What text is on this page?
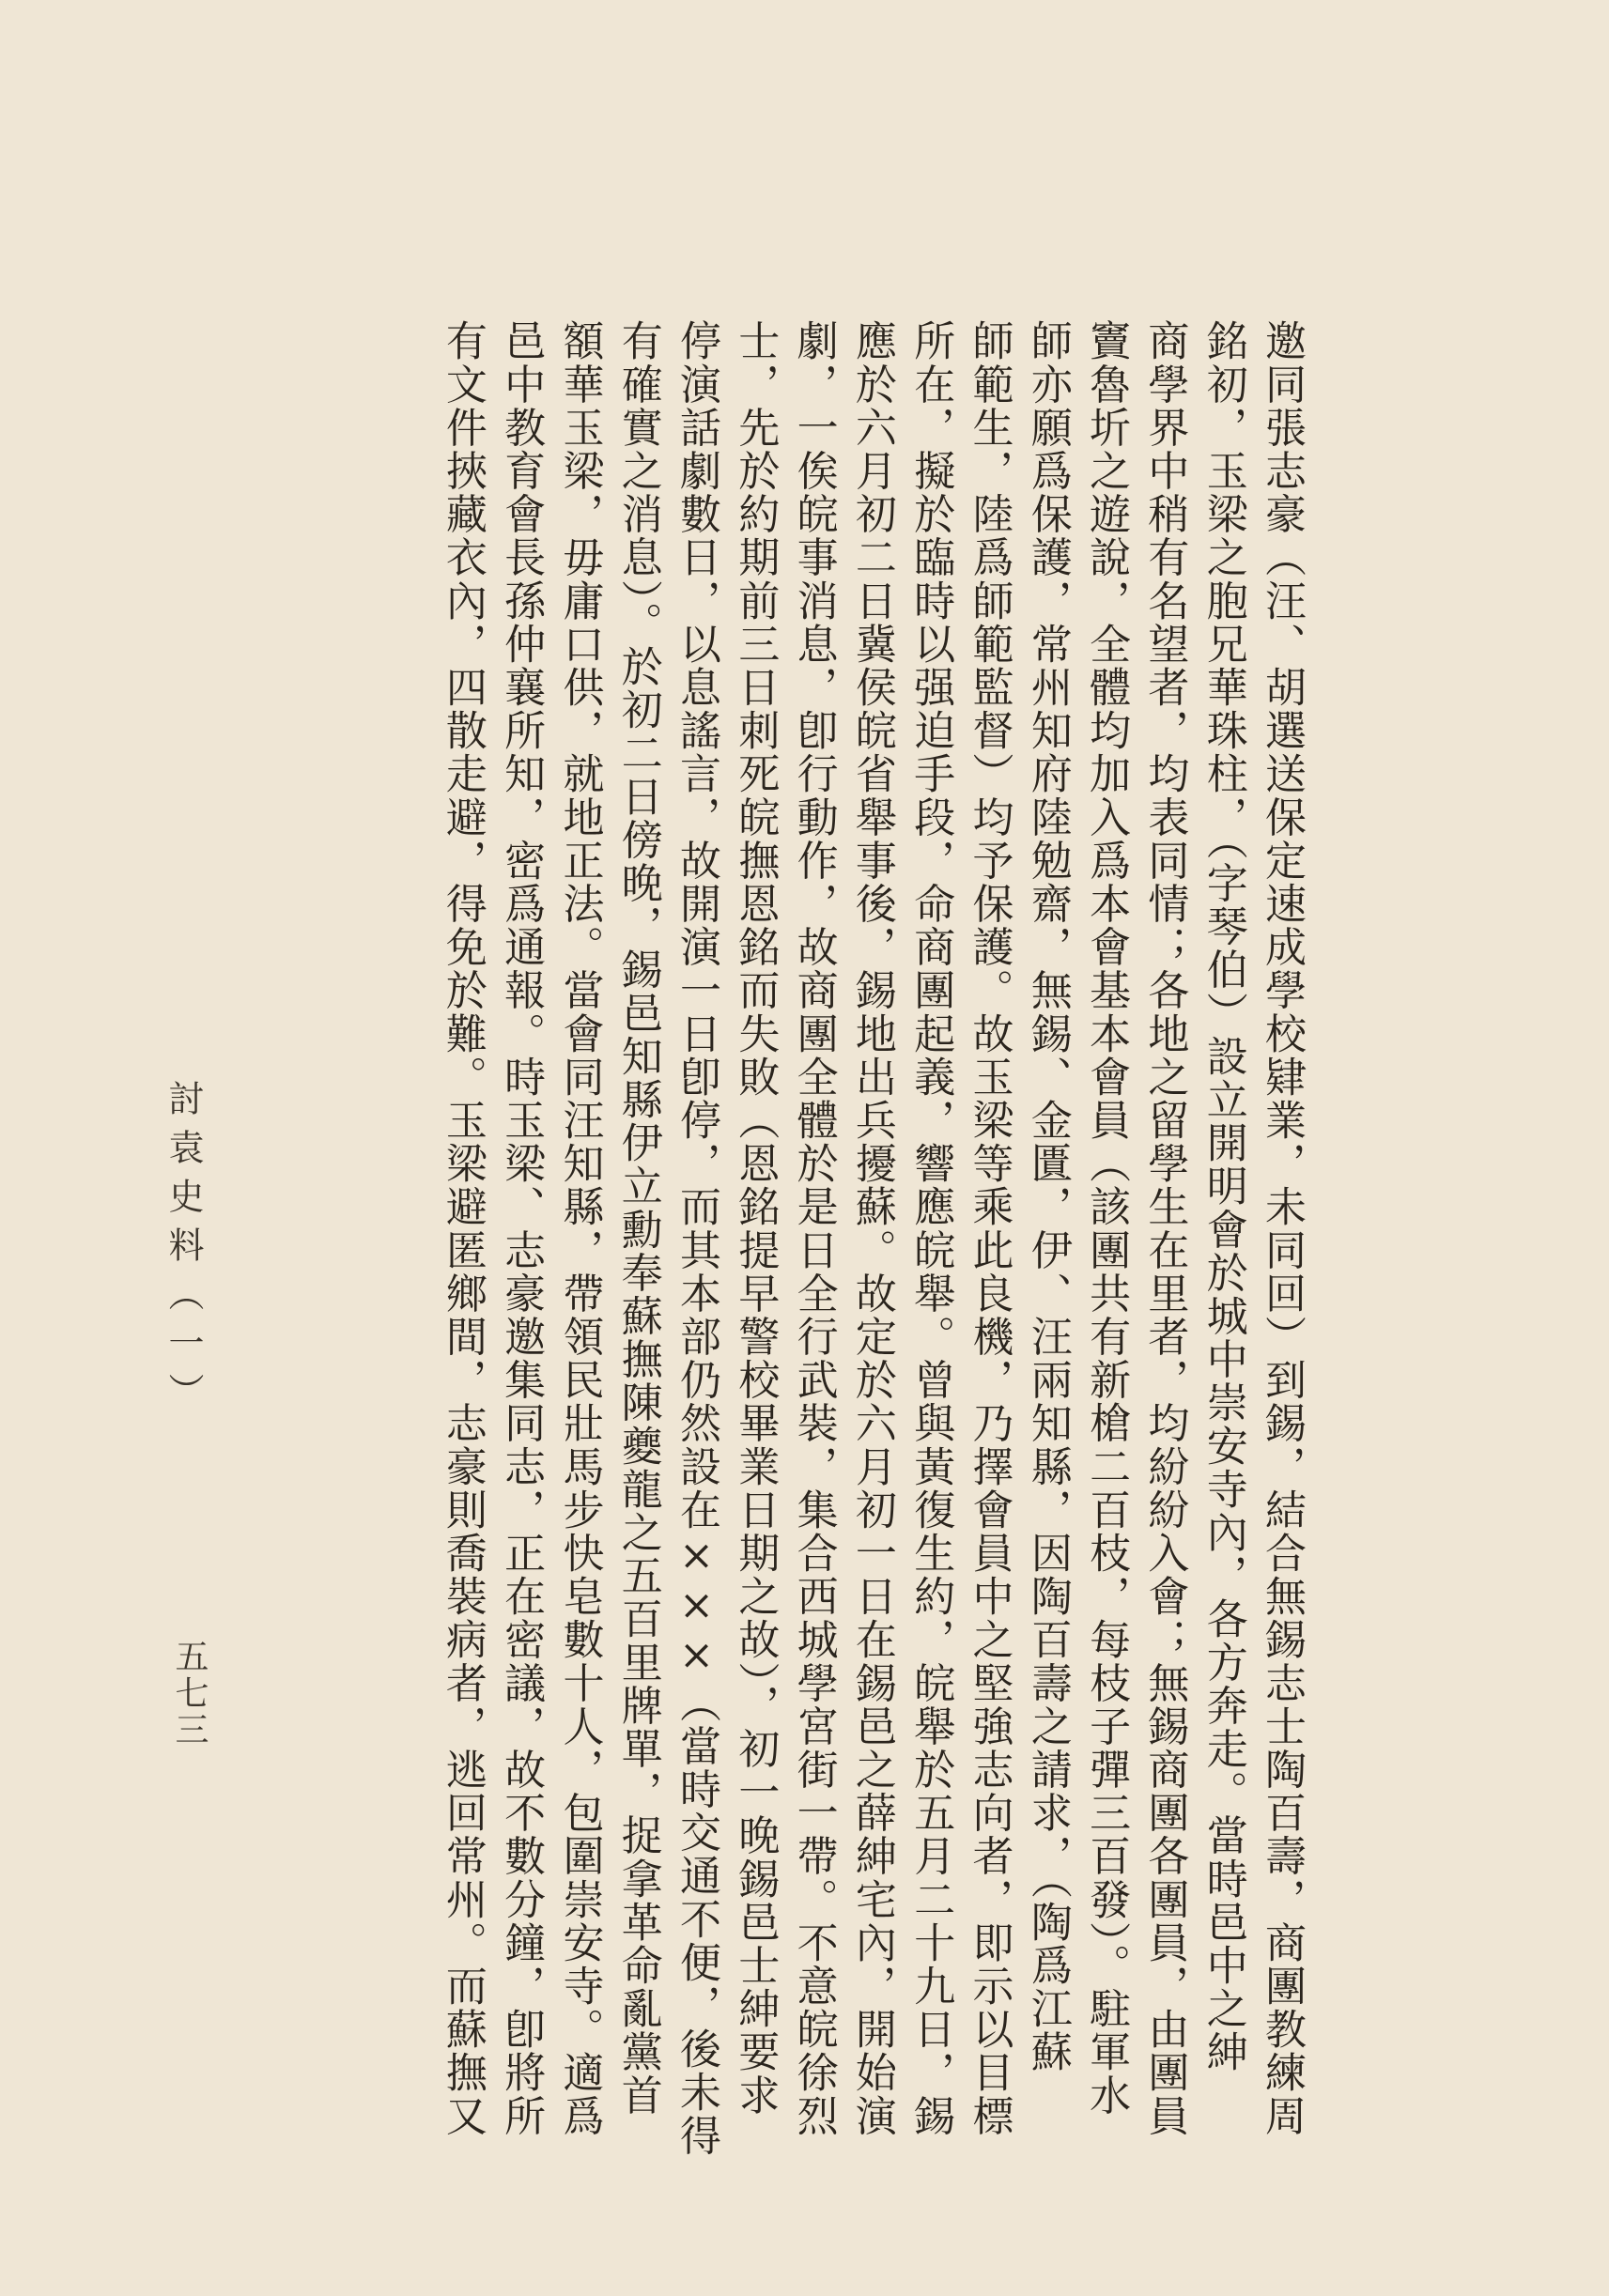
邀同張志豪（汪、胡選送保定速成學校肄業，未同回）到錫，結合無錫志士陶百壽，商團教練周
銘初，玉梁之胞兄華珠柱，（字琴伯）設立開明會於城中崇安寺內，各方奔走。當時邑中之紳
商學界中稍有名望者，均表同情；各地之留學生在里者，均紛紛入會；無錫商團各團員，由團員
竇魯圻之遊說，全體均加入爲本會基本會員（該團共有新槍二百枝，每枝子彈三百發）。駐軍水
師亦願爲保護，常州知府陸勉齋，無錫、金匱，伊、汪兩知縣，因陶百壽之請求，（陶爲江蘇
師範生，陸爲師範監督）均予保護。故玉梁等乘此良機，乃擇會員中之堅強志向者，即示以目標
所在，擬於臨時以强迫手段，命商團起義，響應皖舉。曾與黃復生約，皖舉於五月二十九日，錫
應於六月初二日冀侯皖省舉事後，錫地出兵擾蘇。故定於六月初一日在錫邑之薛紳宅內，開始演
劇，一俟皖事消息，卽行動作，故商團全體於是日全行武裝，集合西城學宮街一帶。不意皖徐烈
士，先於約期前三日刺死皖撫恩銘而失敗（恩銘提早警校畢業日期之故），初一晚錫邑士紳要求
停演話劇數日，以息謠言，故開演一日卽停，而其本部仍然設在×××（當時交通不便，後未得
有確實之消息）。於初二日傍晚，錫邑知縣伊立勳奉蘇撫陳夔龍之五百里牌單，捉拿革命亂黨首
額華玉梁，毋庸口供，就地正法。當會同汪知縣，帶領民壯馬步快皂數十人，包圍崇安寺。適爲
邑中教育會長孫仲襄所知，密爲通報。時玉梁、志豪邀集同志，正在密議，故不數分鐘，卽將所
有文件挾藏衣內，四散走避，得免於難。玉梁避匿鄉間，志豪則喬裝病者，逃回常州。而蘇撫又
討袁史料（一）
五七三
